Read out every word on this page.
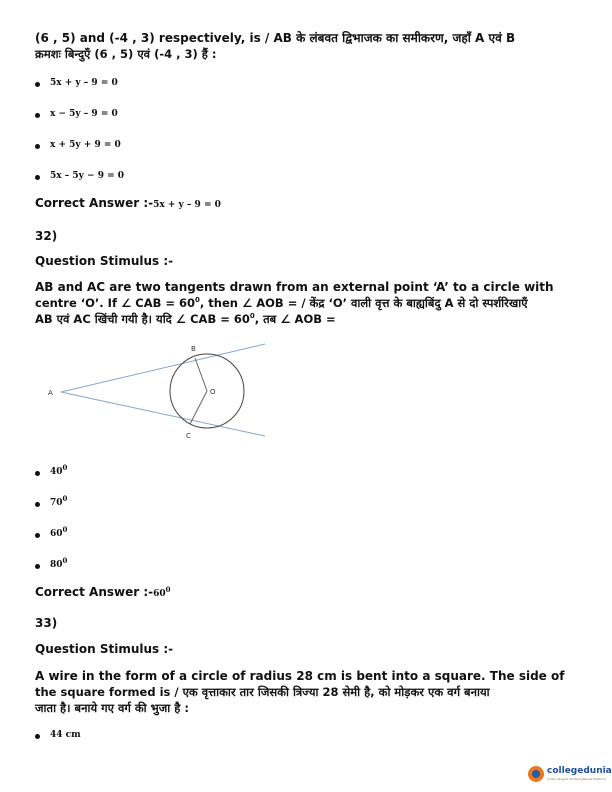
(6 , 5) and (-4 , 3) respectively, is / AB के लंबवत द्विभाजक का समीकरण, जहाँ A एवं B
क्रमशः बिन्दुएँ (6 , 5) एवं (-4 , 3) हैं :
5x + y – 9 = 0
x − 5y – 9 = 0
x + 5y + 9 = 0
5x – 5y − 9 = 0
Correct Answer :-5x + y – 9 = 0
32)
Question Stimulus :-
AB and AC are two tangents drawn from an external point ‘A’ to a circle with
centre ‘O’. If ∠ CAB = $60^0$, then ∠ AOB = / केंद्र ‘O’ वाली वृत्त के बाह्यबिंदु A से दो स्पर्शरिखाएँ
AB एवं AC खिंची गयी है। यदि ∠ CAB = $60^0$, तब ∠ AOB =
A
B
C
O
$40^0$
$70^0$
$60^0$
$80^0$
Correct Answer $:-60^0$
33)
Question Stimulus :-
A wire in the form of a circle of radius 28 cm is bent into a square. The side of
the square formed is / एक वृत्ताकार तार जिसकी त्रिज्या 28 सेमी है, को मोड़कर एक वर्ग बनाया
जाता है। बनाये गए वर्ग की भुजा है :
44 cm
collegedunia
India's largest Student Review Platform
